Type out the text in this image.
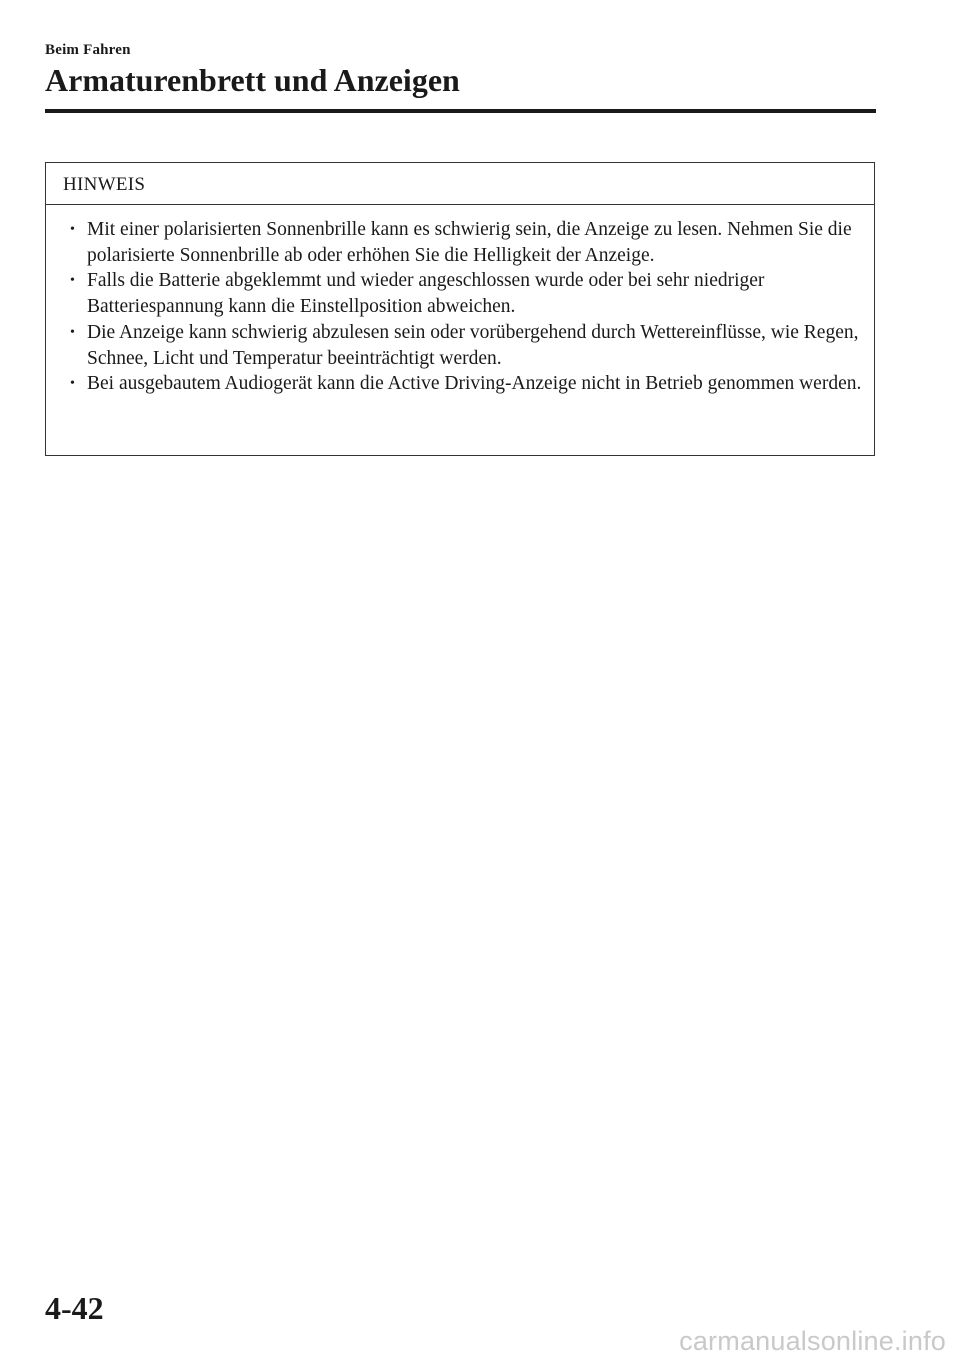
Beim Fahren
Armaturenbrett und Anzeigen
HINWEIS
• Mit einer polarisierten Sonnenbrille kann es schwierig sein, die Anzeige zu lesen. Nehmen Sie die polarisierte Sonnenbrille ab oder erhöhen Sie die Helligkeit der Anzeige.
• Falls die Batterie abgeklemmt und wieder angeschlossen wurde oder bei sehr niedriger Batteriespannung kann die Einstellposition abweichen.
• Die Anzeige kann schwierig abzulesen sein oder vorübergehend durch Wettereinflüsse, wie Regen, Schnee, Licht und Temperatur beeinträchtigt werden.
• Bei ausgebautem Audiogerät kann die Active Driving-Anzeige nicht in Betrieb genommen werden.
4-42
carmanualsonline.info
